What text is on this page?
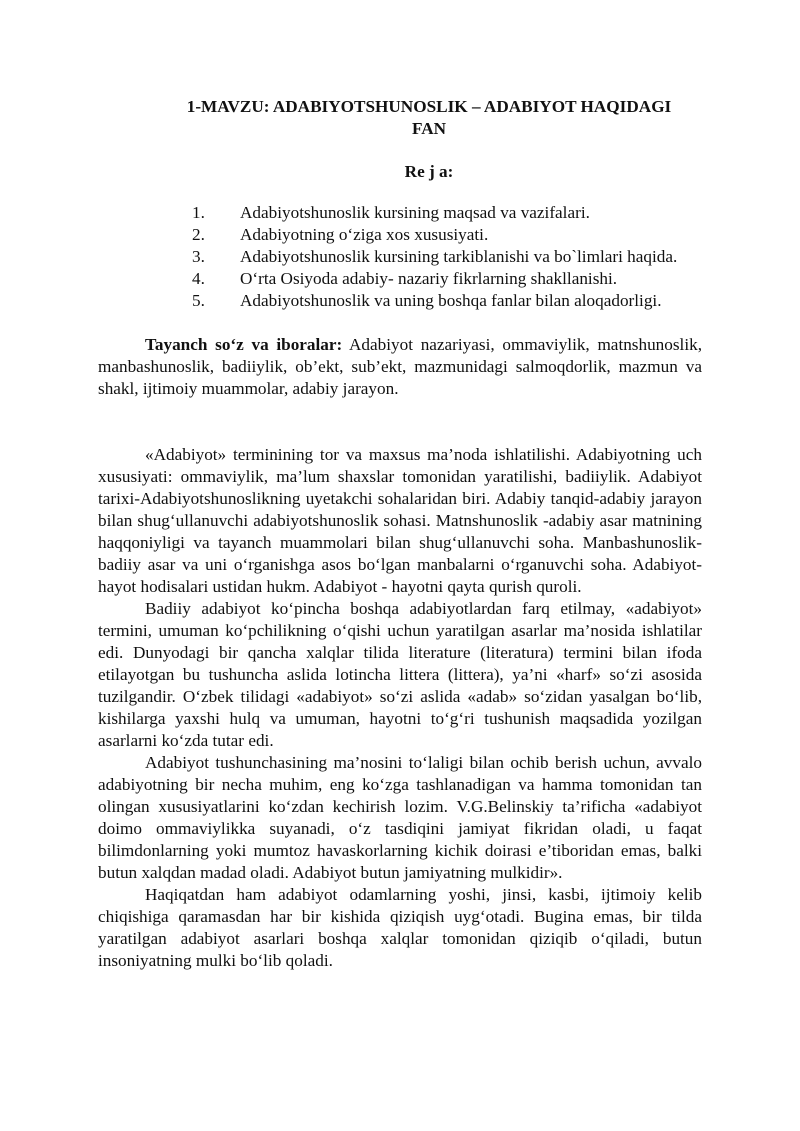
1-MAVZU: ADABIYOTSHUNOSLIK – ADABIYOT HAQIDAGI
FAN
Re j a:
1. Adabiyotshunoslik kursining maqsad va vazifalari.
2. Adabiyotning o‘ziga xos xususiyati.
3. Adabiyotshunoslik kursining tarkiblanishi va bo`limlari haqida.
4. O‘rta Osiyoda adabiy- nazariy fikrlarning shakllanishi.
5. Adabiyotshunoslik va uning boshqa fanlar bilan aloqadorligi.

Tayanch so‘z va iboralar: Adabiyot nazariyasi, ommaviylik, matnshunoslik, manbashunoslik, badiiylik, ob’ekt, sub’ekt, mazmunidagi salmoqdorlik, mazmun va shakl, ijtimoiy muammolar, adabiy jarayon.

«Adabiyot» terminining tor va maxsus ma’noda ishlatilishi. Adabiyotning uch xususiyati: ommaviylik, ma’lum shaxslar tomonidan yaratilishi, badiiylik. Adabiyot tarixi-Adabiyotshunoslikning uyetakchi sohalaridan biri. Adabiy tanqid-adabiy jarayon bilan shug‘ullanuvchi adabiyotshunoslik sohasi. Matnshunoslik -adabiy asar matnining haqqoniyligi va tayanch muammolari bilan shug‘ullanuvchi soha. Manbashunoslik-badiiy asar va uni o‘rganishga asos bo‘lgan manbalarni o‘rganuvchi soha. Adabiyot-hayot hodisalari ustidan hukm. Adabiyot - hayotni qayta qurish quroli.

Badiiy adabiyot ko‘pincha boshqa adabiyotlardan farq etilmay, «adabiyot» termini, umuman ko‘pchilikning o‘qishi uchun yaratilgan asarlar ma’nosida ishlatilar edi. Dunyodagi bir qancha xalqlar tilida literature (literatura) termini bilan ifoda etilayotgan bu tushuncha aslida lotincha littera (littera), ya’ni «harf» so‘zi asosida tuzilgandir. O‘zbek tilidagi «adabiyot» so‘zi aslida «adab» so‘zidan yasalgan bo‘lib, kishilarga yaxshi hulq va umuman, hayotni to‘g‘ri tushunish maqsadida yozilgan asarlarni ko‘zda tutar edi.

Adabiyot tushunchasining ma’nosini to‘laligi bilan ochib berish uchun, avvalo adabiyotning bir necha muhim, eng ko‘zga tashlanadigan va hamma tomonidan tan olingan xususiyatlarini ko‘zdan kechirish lozim. V.G.Belinskiy ta’rificha «adabiyot doimo ommaviylikka suyanadi, o‘z tasdiqini jamiyat fikridan oladi, u faqat bilimdonlarning yoki mumtoz havaskorlarning kichik doirasi e’tiboridan emas, balki butun xalqdan madad oladi. Adabiyot butun jamiyatning mulkidir».

Haqiqatdan ham adabiyot odamlarning yoshi, jinsi, kasbi, ijtimoiy kelib chiqishiga qaramasdan har bir kishida qiziqish uyg‘otadi. Bugina emas, bir tilda yaratilgan adabiyot asarlari boshqa xalqlar tomonidan qiziqib o‘qiladi, butun insoniyatning mulki bo‘lib qoladi.
